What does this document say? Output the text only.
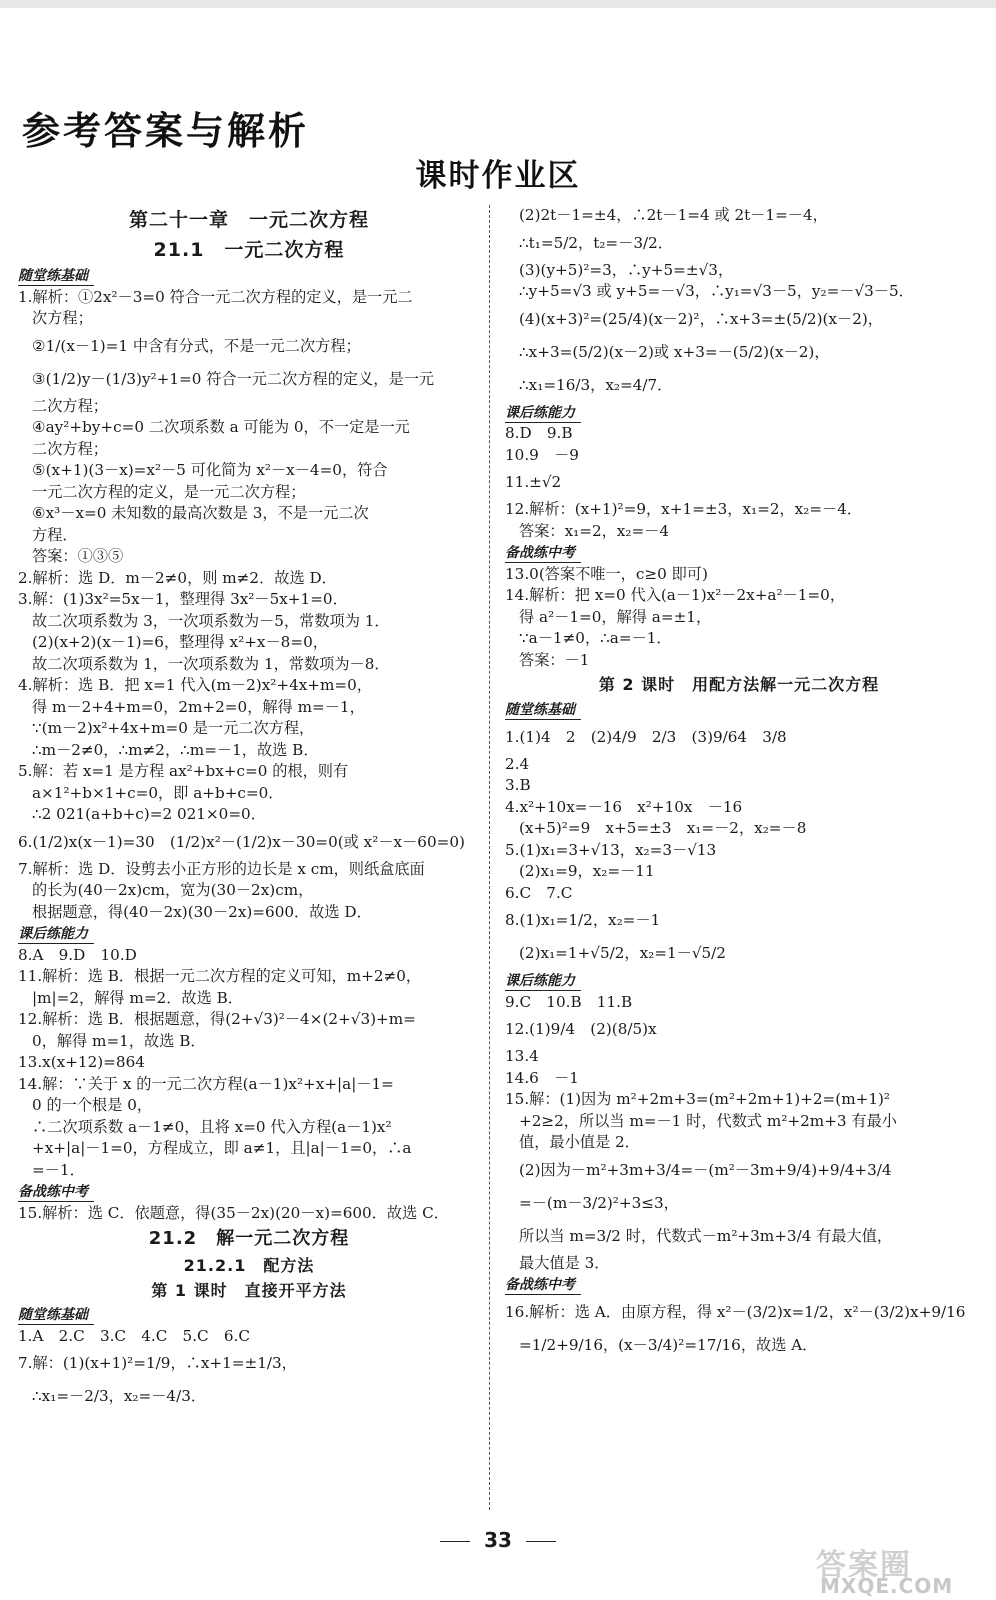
参考答案与解析
课时作业区
第二十一章　一元二次方程
21.1　一元二次方程
随堂练基础
1.解析：①2x²－3=0 符合一元二次方程的定义，是一元二
次方程；
②1/(x－1)=1 中含有分式，不是一元二次方程；
③(1/2)y－(1/3)y²+1=0 符合一元二次方程的定义，是一元
二次方程；
④ay²+by+c=0 二次项系数 a 可能为 0，不一定是一元
二次方程；
⑤(x+1)(3－x)=x²－5 可化简为 x²－x－4=0，符合
一元二次方程的定义，是一元二次方程；
⑥x³－x=0 未知数的最高次数是 3，不是一元二次
方程．
答案：①③⑤
2.解析：选 D．m－2≠0，则 m≠2．故选 D．
3.解：(1)3x²=5x－1，整理得 3x²－5x+1=0．
故二次项系数为 3，一次项系数为－5，常数项为 1．
(2)(x+2)(x－1)=6，整理得 x²+x－8=0，
故二次项系数为 1，一次项系数为 1，常数项为－8．
4.解析：选 B．把 x=1 代入(m－2)x²+4x+m=0，
得 m－2+4+m=0，2m+2=0，解得 m=－1，
∵(m－2)x²+4x+m=0 是一元二次方程，
∴m－2≠0，∴m≠2，∴m=－1，故选 B．
5.解：若 x=1 是方程 ax²+bx+c=0 的根，则有
a×1²+b×1+c=0，即 a+b+c=0．
∴2 021(a+b+c)=2 021×0=0．
6.(1/2)x(x－1)=30　(1/2)x²－(1/2)x－30=0(或 x²－x－60=0)
7.解析：选 D．设剪去小正方形的边长是 x cm，则纸盒底面
的长为(40－2x)cm，宽为(30－2x)cm，
根据题意，得(40－2x)(30－2x)=600．故选 D．
课后练能力
8.A　9.D　10.D
11.解析：选 B．根据一元二次方程的定义可知，m+2≠0，
|m|=2，解得 m=2．故选 B．
12.解析：选 B．根据题意，得(2+√3)²－4×(2+√3)+m=
0，解得 m=1，故选 B．
13.x(x+12)=864
14.解：∵关于 x 的一元二次方程(a－1)x²+x+|a|－1=
0 的一个根是 0，
∴二次项系数 a－1≠0，且将 x=0 代入方程(a－1)x²
+x+|a|－1=0，方程成立，即 a≠1，且|a|－1=0，∴a
=－1．
备战练中考
15.解析：选 C．依题意，得(35－2x)(20－x)=600．故选 C．
21.2　解一元二次方程
21.2.1　配方法
第 1 课时　直接开平方法
随堂练基础
1.A　2.C　3.C　4.C　5.C　6.C
7.解：(1)(x+1)²=1/9，∴x+1=±1/3，
∴x₁=－2/3，x₂=－4/3．
(2)2t－1=±4，∴2t－1=4 或 2t－1=－4，
∴t₁=5/2，t₂=－3/2．
(3)(y+5)²=3，∴y+5=±√3，
∴y+5=√3 或 y+5=－√3，∴y₁=√3－5，y₂=－√3－5．
(4)(x+3)²=(25/4)(x－2)²，∴x+3=±(5/2)(x－2)，
∴x+3=(5/2)(x－2)或 x+3=－(5/2)(x－2)，
∴x₁=16/3，x₂=4/7．
课后练能力
8.D　9.B
10.9　－9
11.±√2
12.解析：(x+1)²=9，x+1=±3，x₁=2，x₂=－4．
答案：x₁=2，x₂=－4
备战练中考
13.0(答案不唯一，c≥0 即可)
14.解析：把 x=0 代入(a－1)x²－2x+a²－1=0，
得 a²－1=0，解得 a=±1，
∵a－1≠0，∴a=－1．
答案：－1
第 2 课时　用配方法解一元二次方程
随堂练基础
1.(1)4　2　(2)4/9　2/3　(3)9/64　3/8
2.4
3.B
4.x²+10x=－16　x²+10x　－16
(x+5)²=9　x+5=±3　x₁=－2，x₂=－8
5.(1)x₁=3+√13，x₂=3－√13
(2)x₁=9，x₂=－11
6.C　7.C
8.(1)x₁=1/2，x₂=－1
(2)x₁=1+√5/2，x₂=1－√5/2
课后练能力
9.C　10.B　11.B
12.(1)9/4　(2)(8/5)x
13.4
14.6　－1
15.解：(1)因为 m²+2m+3=(m²+2m+1)+2=(m+1)²
+2≥2，所以当 m=－1 时，代数式 m²+2m+3 有最小
值，最小值是 2．
(2)因为－m²+3m+3/4=－(m²－3m+9/4)+9/4+3/4
=－(m－3/2)²+3≤3，
所以当 m=3/2 时，代数式－m²+3m+3/4 有最大值，
最大值是 3．
备战练中考
16.解析：选 A．由原方程，得 x²－(3/2)x=1/2，x²－(3/2)x+9/16
=1/2+9/16，(x－3/4)²=17/16，故选 A．
33
答案圈
MXQE.COM
